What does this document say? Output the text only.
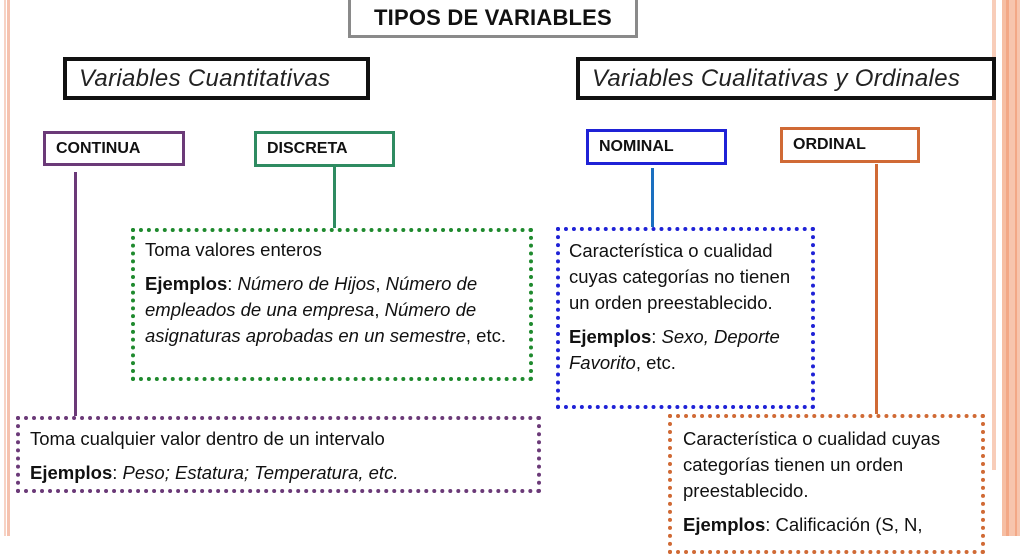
TIPOS DE VARIABLES
Variables Cuantitativas	Variables Cualitativas y Ordinales
CONTINUA	DISCRETA	NOMINAL	ORDINAL

Toma valores enteros

Ejemplos: Número de Hijos, Número de empleados de una empresa, Número de asignaturas aprobadas en un semestre, etc.

Característica o cualidad cuyas categorías no tienen un orden preestablecido.

Ejemplos: Sexo, Deporte Favorito, etc.

Toma cualquier valor dentro de un intervalo

Ejemplos: Peso; Estatura; Temperatura, etc.

Característica o cualidad cuyas categorías tienen un orden preestablecido.

Ejemplos: Calificación (S, N,
